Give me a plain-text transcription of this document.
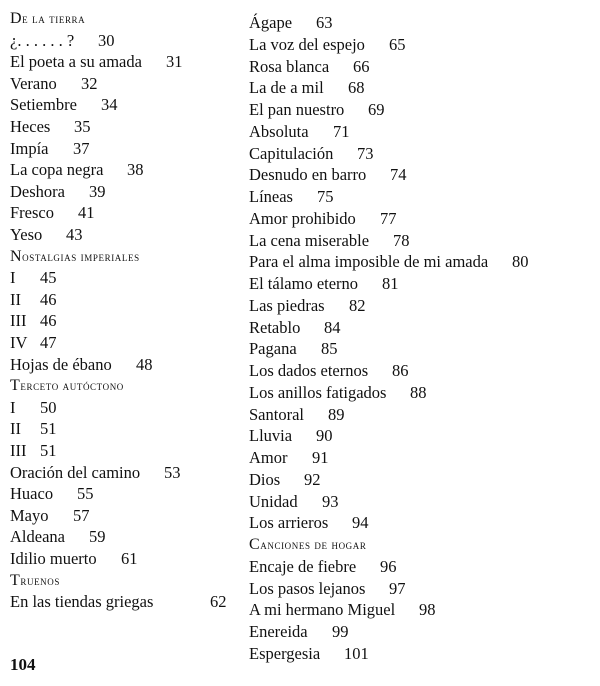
De la tierra
¿. . . . . . ? 30
El poeta a su amada 31
Verano 32
Setiembre 34
Heces 35
Impía 37
La copa negra 38
Deshora 39
Fresco 41
Yeso 43
Nostalgias imperiales
I 45
II 46
III 46
IV 47
Hojas de ébano 48
Terceto autóctono
I 50
II 51
III 51
Oración del camino 53
Huaco 55
Mayo 57
Aldeana 59
Idilio muerto 61
Truenos
En las tiendas griegas	62
Ágape 63
La voz del espejo 65
Rosa blanca 66
La de a mil 68
El pan nuestro 69
Absoluta 71
Capitulación 73
Desnudo en barro 74
Líneas 75
Amor prohibido 77
La cena miserable 78
Para el alma imposible de mi amada 80
El tálamo eterno 81
Las piedras 82
Retablo 84
Pagana 85
Los dados eternos 86
Los anillos fatigados 88
Santoral 89
Lluvia 90
Amor 91
Dios 92
Unidad 93
Los arrieros 94
Canciones de hogar
Encaje de fiebre 96
Los pasos lejanos 97
A mi hermano Miguel 98
Enereida 99
Espergesia 101
104
